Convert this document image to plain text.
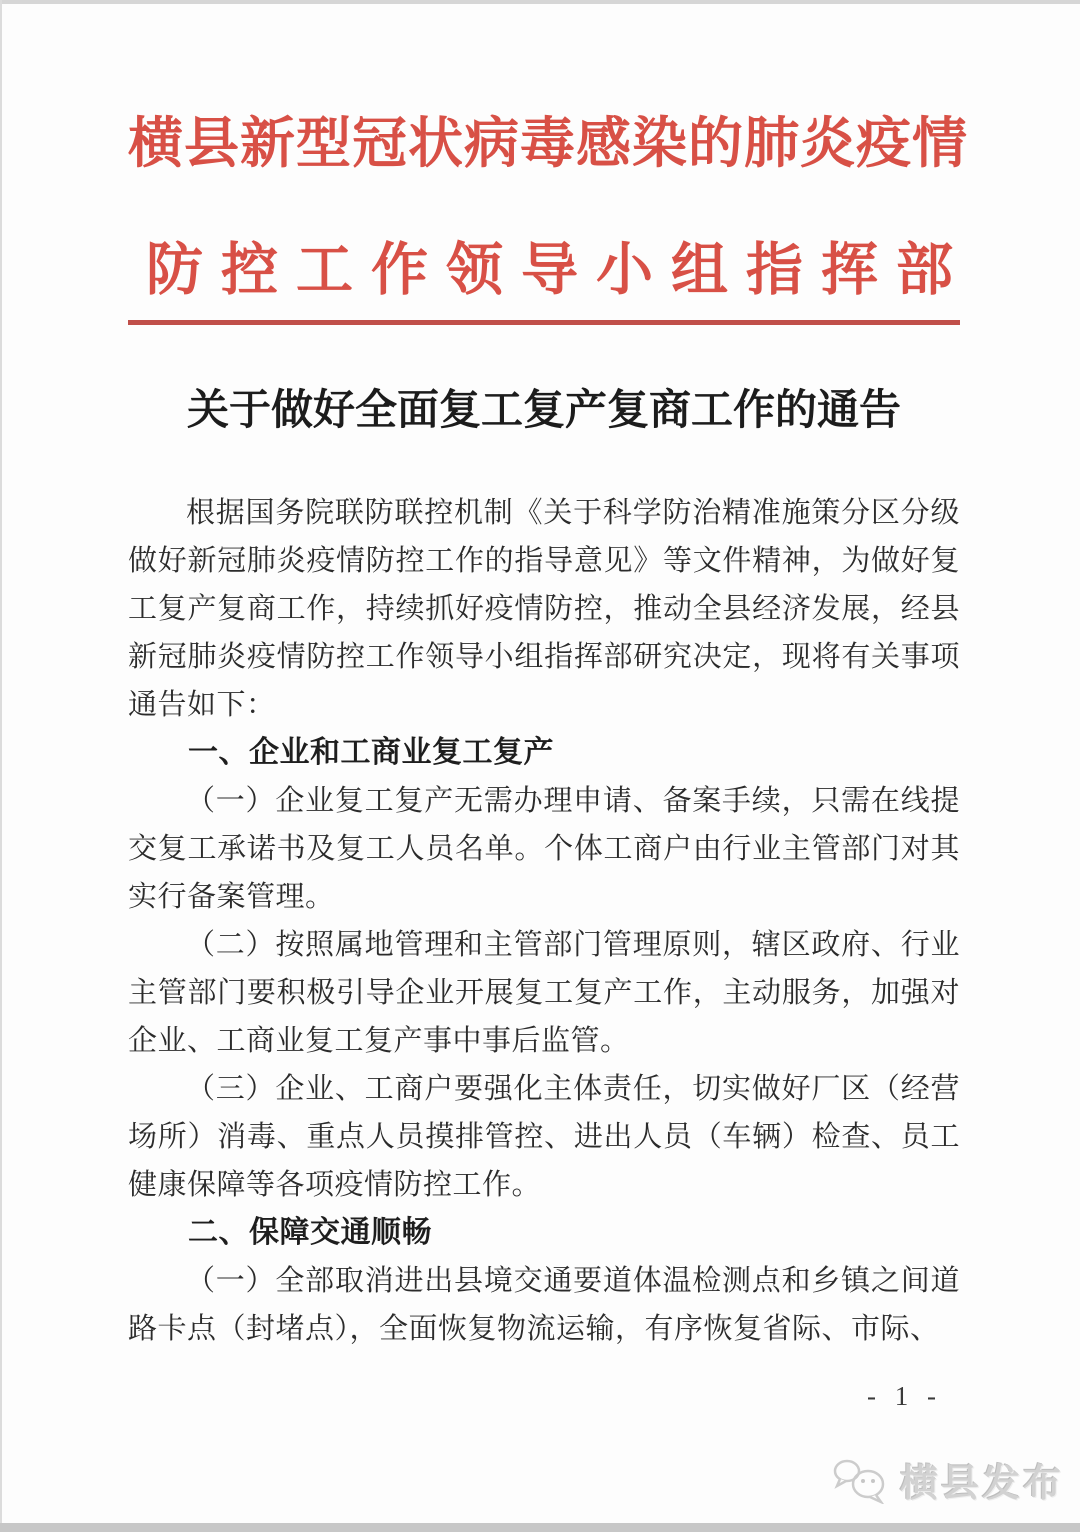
横县新型冠状病毒感染的肺炎疫情
防控工作领导小组指挥部
关于做好全面复工复产复商工作的通告

根据国务院联防联控机制《关于科学防治精准施策分区分级做好新冠肺炎疫情防控工作的指导意见》等文件精神，为做好复工复产复商工作，持续抓好疫情防控，推动全县经济发展，经县新冠肺炎疫情防控工作领导小组指挥部研究决定，现将有关事项通告如下：

一、企业和工商业复工复产

（一）企业复工复产无需办理申请、备案手续，只需在线提交复工承诺书及复工人员名单。个体工商户由行业主管部门对其实行备案管理。

（二）按照属地管理和主管部门管理原则，辖区政府、行业主管部门要积极引导企业开展复工复产工作，主动服务，加强对企业、工商业复工复产事中事后监管。

（三）企业、工商户要强化主体责任，切实做好厂区（经营场所）消毒、重点人员摸排管控、进出人员（车辆）检查、员工健康保障等各项疫情防控工作。

二、保障交通顺畅

（一）全部取消进出县境交通要道体温检测点和乡镇之间道路卡点（封堵点），全面恢复物流运输，有序恢复省际、市际、

- 1 -
横县发布
